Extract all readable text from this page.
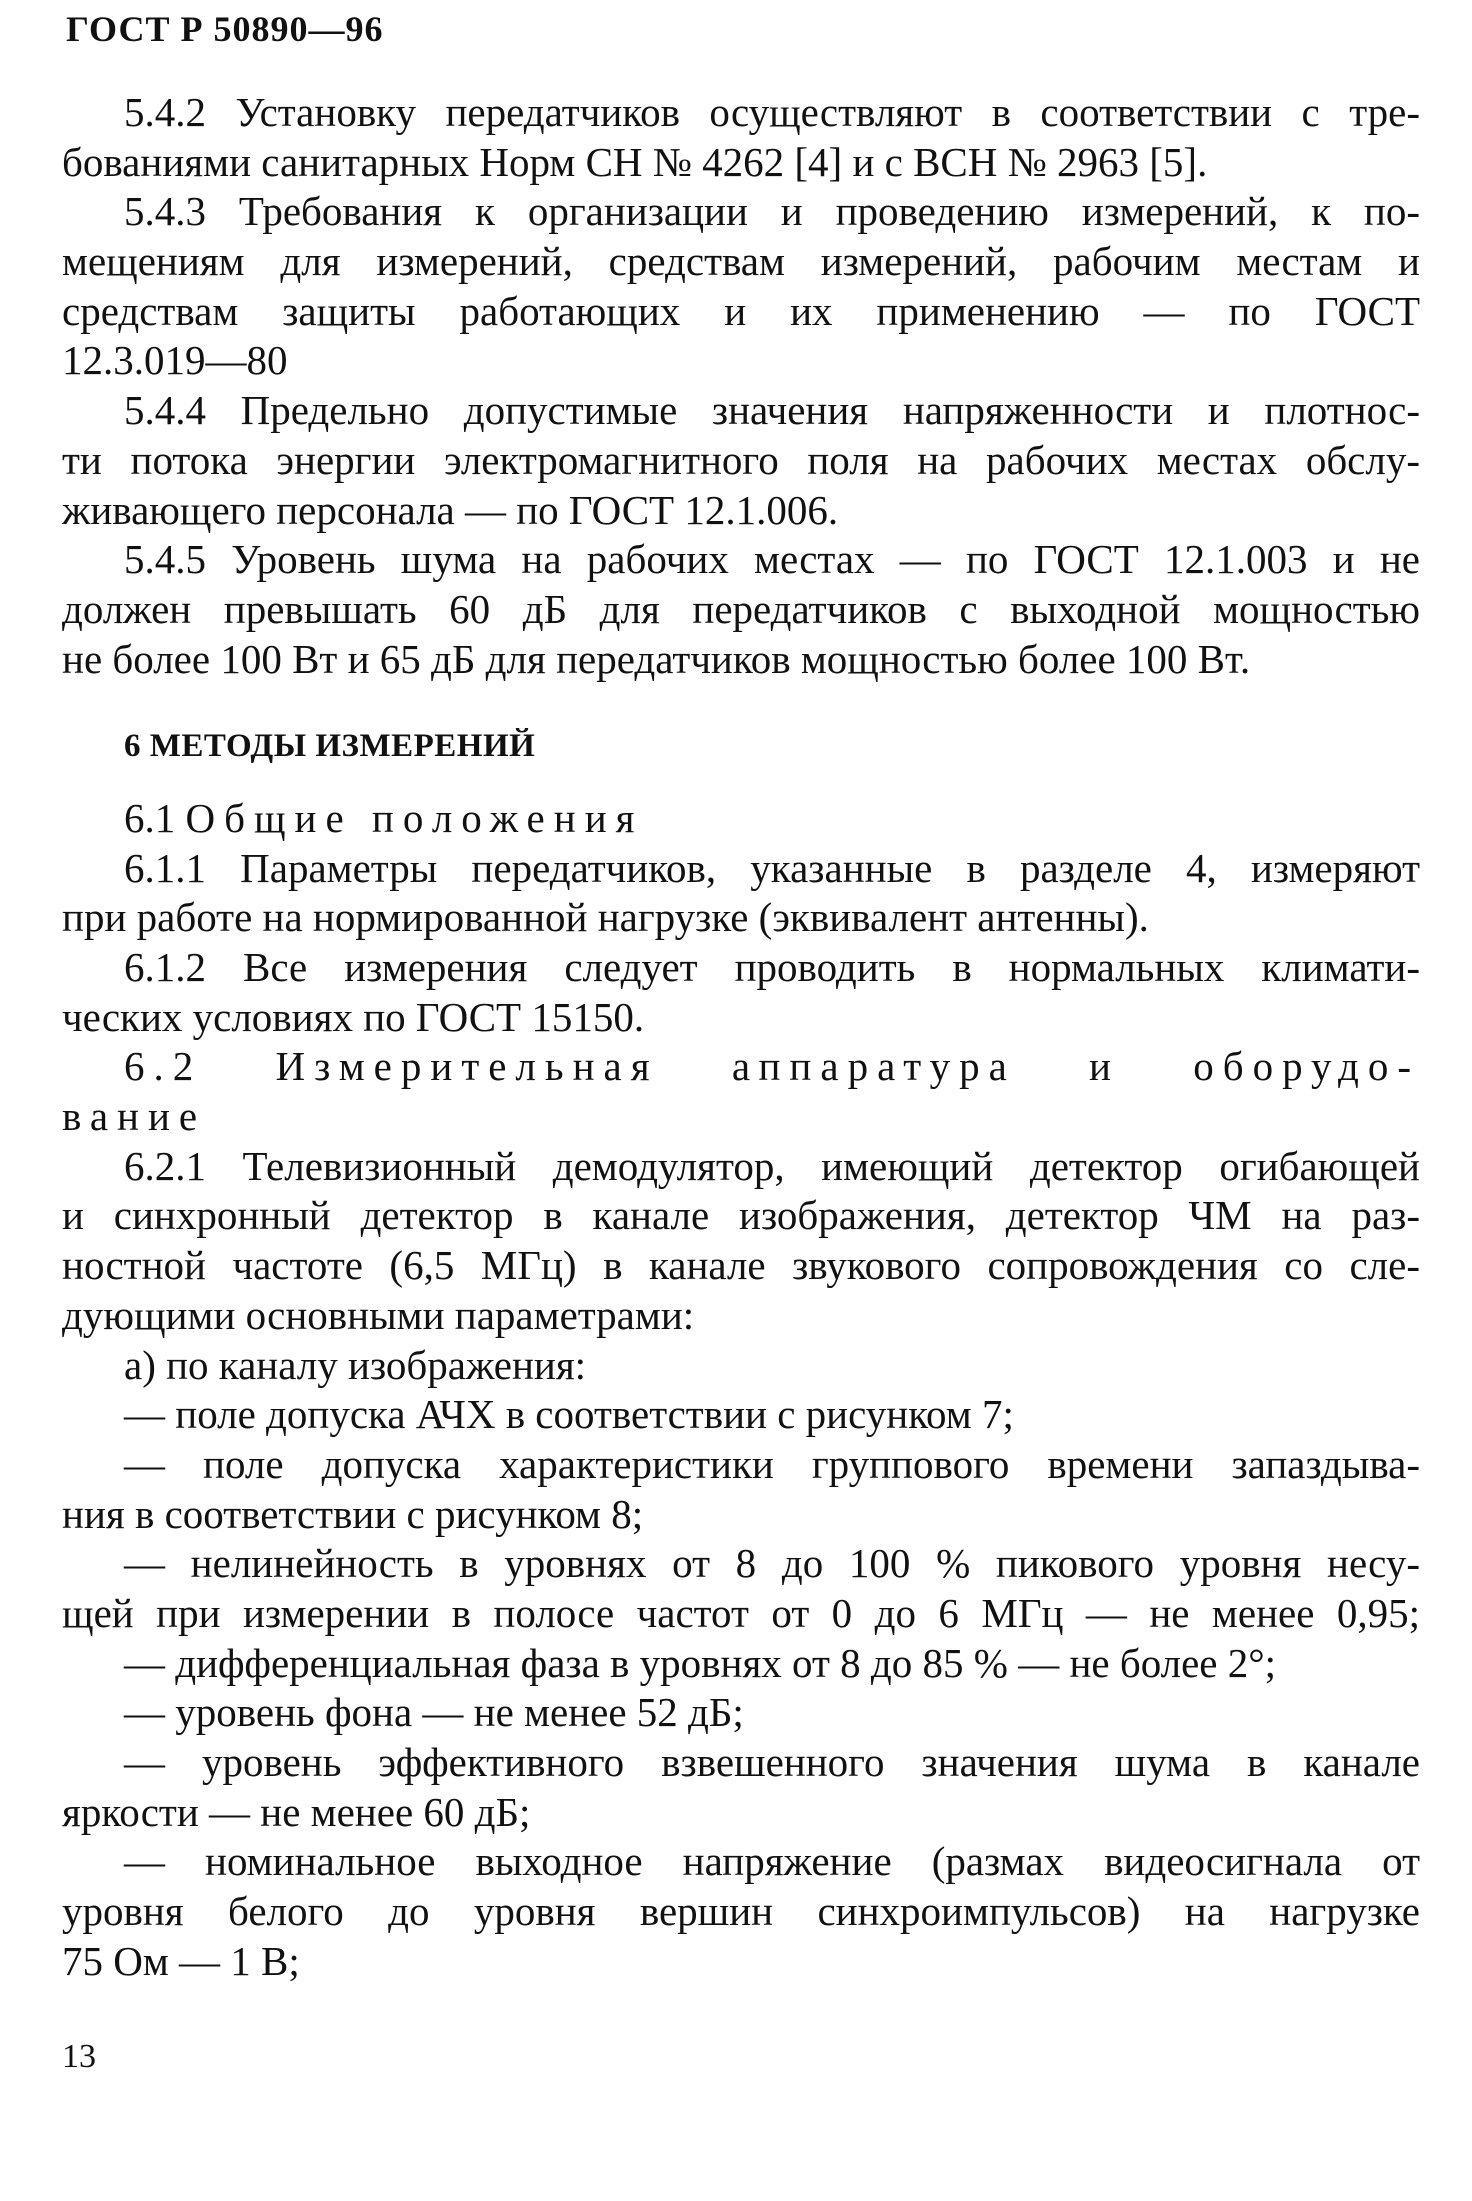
ГОСТ Р 50890—96
5.4.2 Установку передатчиков осуществляют в соответствии с тре-
бованиями санитарных Норм СН № 4262 [4] и с ВСН № 2963 [5].
5.4.3 Требования к организации и проведению измерений, к по-
мещениям для измерений, средствам измерений, рабочим местам и
средствам защиты работающих и их применению — по ГОСТ
12.3.019—80
5.4.4 Предельно допустимые значения напряженности и плотнос-
ти потока энергии электромагнитного поля на рабочих местах обслу-
живающего персонала — по ГОСТ 12.1.006.
5.4.5 Уровень шума на рабочих местах — по ГОСТ 12.1.003 и не
должен превышать 60 дБ для передатчиков с выходной мощностью
не более 100 Вт и 65 дБ для передатчиков мощностью более 100 Вт.
6 МЕТОДЫ ИЗМЕРЕНИЙ
6.1 Общие положения
6.1.1 Параметры передатчиков, указанные в разделе 4, измеряют
при работе на нормированной нагрузке (эквивалент антенны).
6.1.2 Все измерения следует проводить в нормальных климати-
ческих условиях по ГОСТ 15150.
6.2 Измерительная аппаратура и оборудо-
вание
6.2.1 Телевизионный демодулятор, имеющий детектор огибающей
и синхронный детектор в канале изображения, детектор ЧМ на раз-
ностной частоте (6,5 МГц) в канале звукового сопровождения со сле-
дующими основными параметрами:
а) по каналу изображения:
— поле допуска АЧХ в соответствии с рисунком 7;
— поле допуска характеристики группового времени запаздыва-
ния в соответствии с рисунком 8;
— нелинейность в уровнях от 8 до 100 % пикового уровня несу-
щей при измерении в полосе частот от 0 до 6 МГц — не менее 0,95;
— дифференциальная фаза в уровнях от 8 до 85 % — не более 2°;
— уровень фона — не менее 52 дБ;
— уровень эффективного взвешенного значения шума в канале
яркости — не менее 60 дБ;
— номинальное выходное напряжение (размах видеосигнала от
уровня белого до уровня вершин синхроимпульсов) на нагрузке
75 Ом — 1 В;
13
